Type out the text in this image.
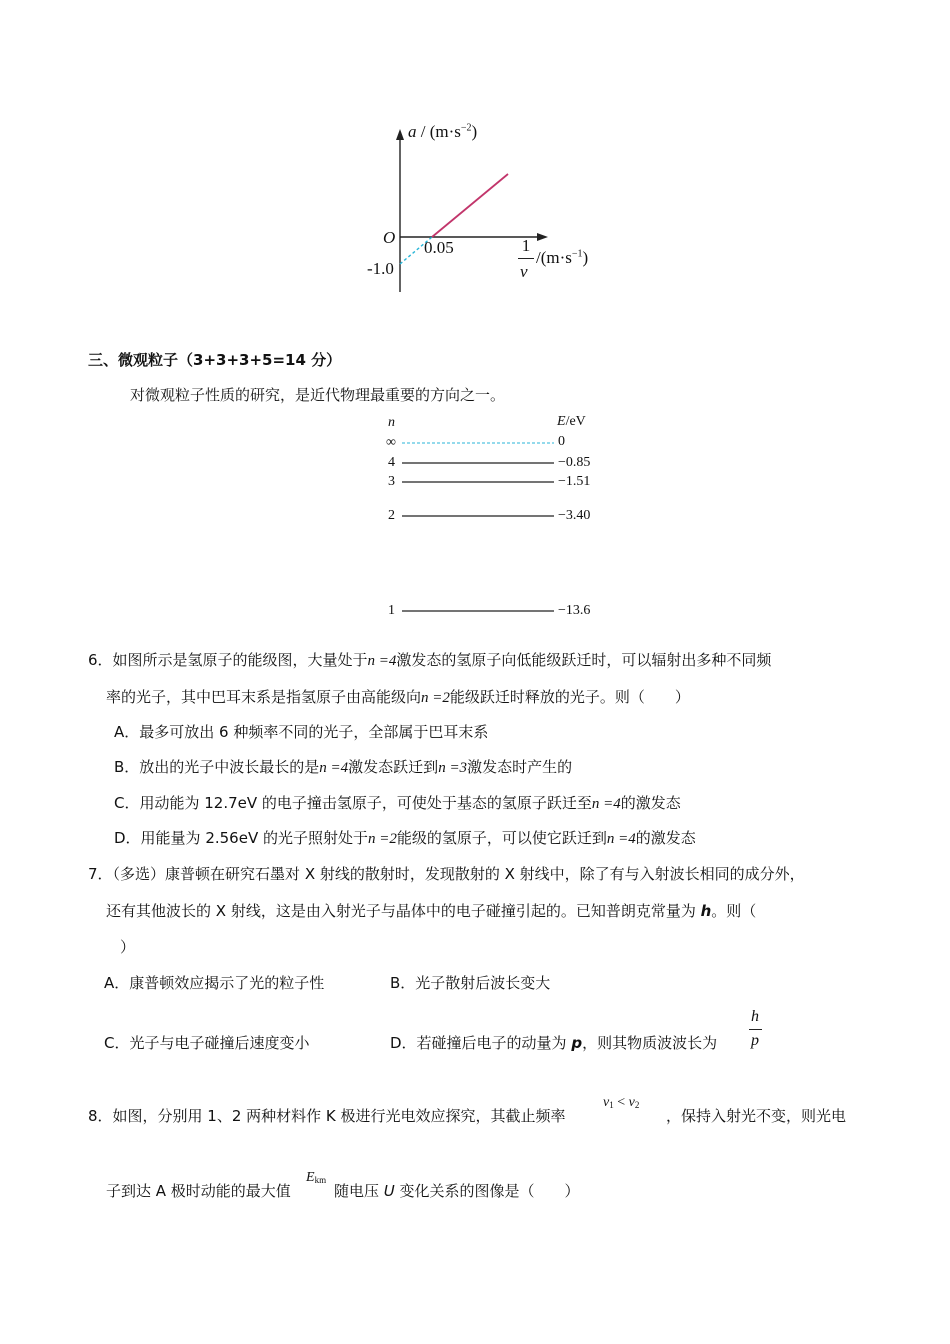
$a / (m\cdot s^{-2})$
O
0.05
-1.0
1
v
$/(m\cdot s^{-1})$
三、微观粒子（3+3+3+5=14 分）
对微观粒子性质的研究，是近代物理最重要的方向之一。
n	E/eV
∞	0
4	−0.85
3	−1.51
2	−3.40
1	−13.6
6．如图所示是氢原子的能级图，大量处于n =4激发态的氢原子向低能级跃迁时，可以辐射出多种不同频
率的光子，其中巴耳末系是指氢原子由高能级向n =2能级跃迁时释放的光子。则（　　）
A．最多可放出 6 种频率不同的光子，全部属于巴耳末系
B．放出的光子中波长最长的是n =4激发态跃迁到n =3激发态时产生的
C．用动能为 12.7eV 的电子撞击氢原子，可使处于基态的氢原子跃迁至n =4的激发态
D．用能量为 2.56eV 的光子照射处于n =2能级的氢原子，可以使它跃迁到n =4的激发态
7．（多选）康普顿在研究石墨对 X 射线的散射时，发现散射的 X 射线中，除了有与入射波长相同的成分外，
还有其他波长的 X 射线，这是由入射光子与晶体中的电子碰撞引起的。已知普朗克常量为 h。则（
）
A．康普顿效应揭示了光的粒子性	B．光子散射后波长变大
C．光子与电子碰撞后速度变小	D．若碰撞后电子的动量为 p，则其物质波波长为
h
p
8．如图，分别用 1、2 两种材料作 K 极进行光电效应探究，其截止频率
$\nu_1 < \nu_2$
，保持入射光不变，则光电
子到达 A 极时动能的最大值
$E_{km}$
随电压 U 变化关系的图像是（　　）
